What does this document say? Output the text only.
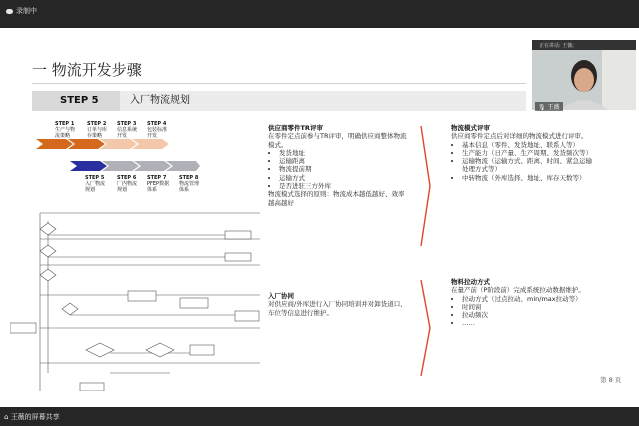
录制中
一 物流开发步骤
STEP 5	入厂物流规划
STEP 1
生产与物
流策略
STEP 2
订单与库
存策略
STEP 3
信息系统
开发
STEP 4
包装标准
开发
STEP 5
入厂物流
规划
STEP 6
厂内物流
规划
STEP 7
PFEP数据
体系
STEP 8
物流管理
体系
供应商零件TR评审
在零件定点前参与TR评审，明确供应商整体物流模式。
• 发货地址
• 运输距离
• 物流提前期
• 运输方式
• 是否进驻三方外库
物流模式选择的原则：物流成本越低越好、效率越高越好
物流模式评审
供应商零件定点后对详细的物流模式进行评审。
• 基本信息（零件、发货地址、联系人等）
• 生产能力（日产量、生产周期、发货频次等）
• 运输物流（运输方式、距离、时间、紧急运输处理方式等）
• 中转物流（外库选择、地址、库存天数等）
入厂协同
对供应商/外库进行入厂协同培训并对卸货道口、车位等信息进行维护。
物料拉动方式
在量产前（P阶段前）完成系统拉动数据维护。
• 拉动方式（过点拉动、min/max拉动等）
• 时间窗
• 拉动频次
• ……
第 8 页
正在讲话: 王薇;
🎙 王薇
⌂ 王薇的屏幕共享
